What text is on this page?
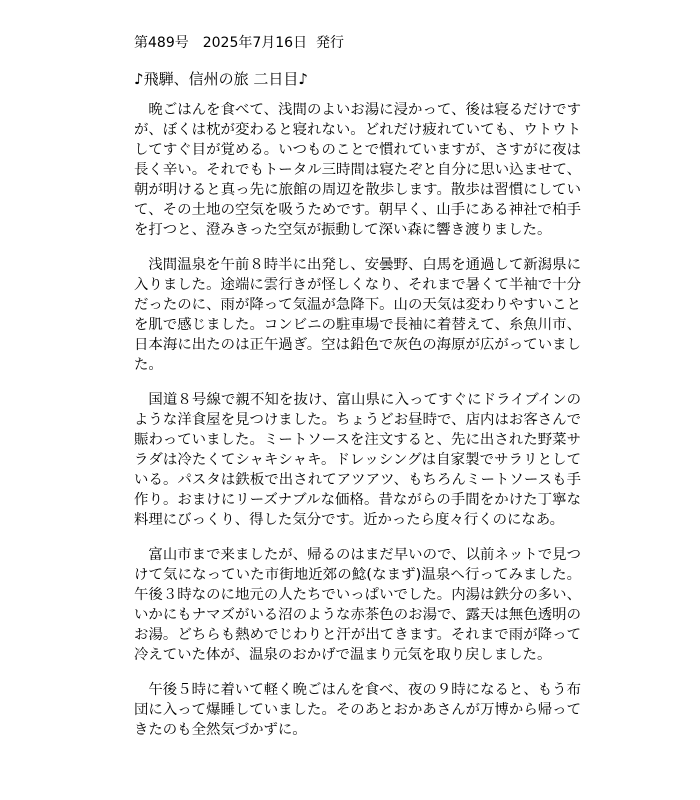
第489号　2025年7月16日  発行
♪飛騨、信州の旅 二日目♪

晩ごはんを食べて、浅間のよいお湯に浸かって、後は寝るだけですが、ぼくは枕が変わると寝れない。どれだけ疲れていても、ウトウトしてすぐ目が覚める。いつものことで慣れていますが、さすがに夜は長く辛い。それでもトータル三時間は寝たぞと自分に思い込ませて、朝が明けると真っ先に旅館の周辺を散歩します。散歩は習慣にしていて、その土地の空気を吸うためです。朝早く、山手にある神社で柏手を打つと、澄みきった空気が振動して深い森に響き渡りました。

浅間温泉を午前８時半に出発し、安曇野、白馬を通過して新潟県に入りました。途端に雲行きが怪しくなり、それまで暑くて半袖で十分だったのに、雨が降って気温が急降下。山の天気は変わりやすいことを肌で感じました。コンビニの駐車場で長袖に着替えて、糸魚川市、日本海に出たのは正午過ぎ。空は鉛色で灰色の海原が広がっていました。

国道８号線で親不知を抜け、富山県に入ってすぐにドライブインのような洋食屋を見つけました。ちょうどお昼時で、店内はお客さんで賑わっていました。ミートソースを注文すると、先に出された野菜サラダは冷たくてシャキシャキ。ドレッシングは自家製でサラリとしている。パスタは鉄板で出されてアツアツ、もちろんミートソースも手作り。おまけにリーズナブルな価格。昔ながらの手間をかけた丁寧な料理にびっくり、得した気分です。近かったら度々行くのになあ。

富山市まで来ましたが、帰るのはまだ早いので、以前ネットで見つけて気になっていた市街地近郊の鯰(なまず)温泉へ行ってみました。午後３時なのに地元の人たちでいっぱいでした。内湯は鉄分の多い、いかにもナマズがいる沼のような赤茶色のお湯で、露天は無色透明のお湯。どちらも熱めでじわりと汗が出てきます。それまで雨が降って冷えていた体が、温泉のおかげで温まり元気を取り戻しました。

午後５時に着いて軽く晩ごはんを食べ、夜の９時になると、もう布団に入って爆睡していました。そのあとおかあさんが万博から帰ってきたのも全然気づかずに。
